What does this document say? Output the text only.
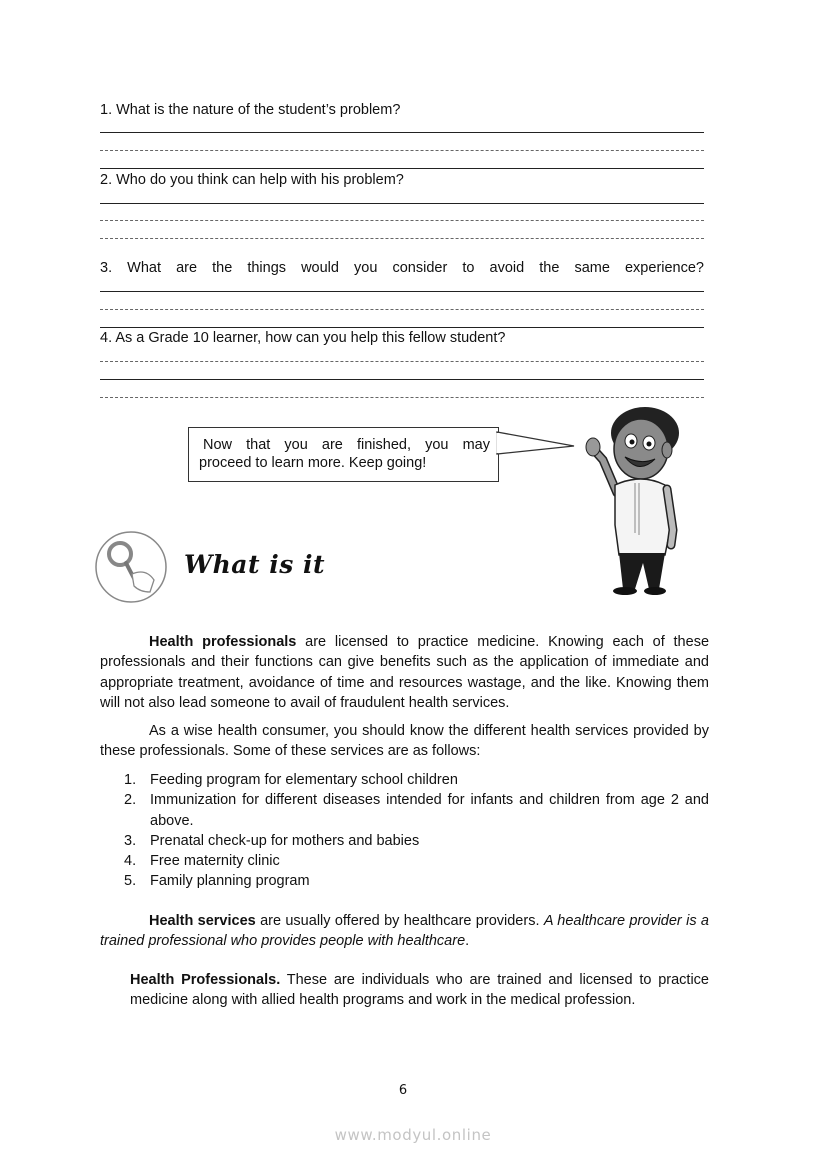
1. What is the nature of the student’s problem?
2. Who do you think can help with his problem?
3. What are the things would you consider to avoid the same experience?
4. As a Grade 10 learner, how can you help this fellow student?
Now that you are finished, you may
proceed to learn more. Keep going!
What is it
Health professionals are licensed to practice medicine. Knowing each of these professionals and their functions can give benefits such as the application of immediate and appropriate treatment, avoidance of time and resources wastage, and the like. Knowing them will not also lead someone to avail of fraudulent health services.
As a wise health consumer, you should know the different health services provided by these professionals. Some of these services are as follows:
1. Feeding program for elementary school children
2. Immunization for different diseases intended for infants and children from age 2 and above.
3. Prenatal check-up for mothers and babies
4. Free maternity clinic
5. Family planning program
Health services are usually offered by healthcare providers. A healthcare provider is a trained professional who provides people with healthcare.
Health Professionals. These are individuals who are trained and licensed to practice medicine along with allied health programs and work in the medical profession.
6
www.modyul.online
